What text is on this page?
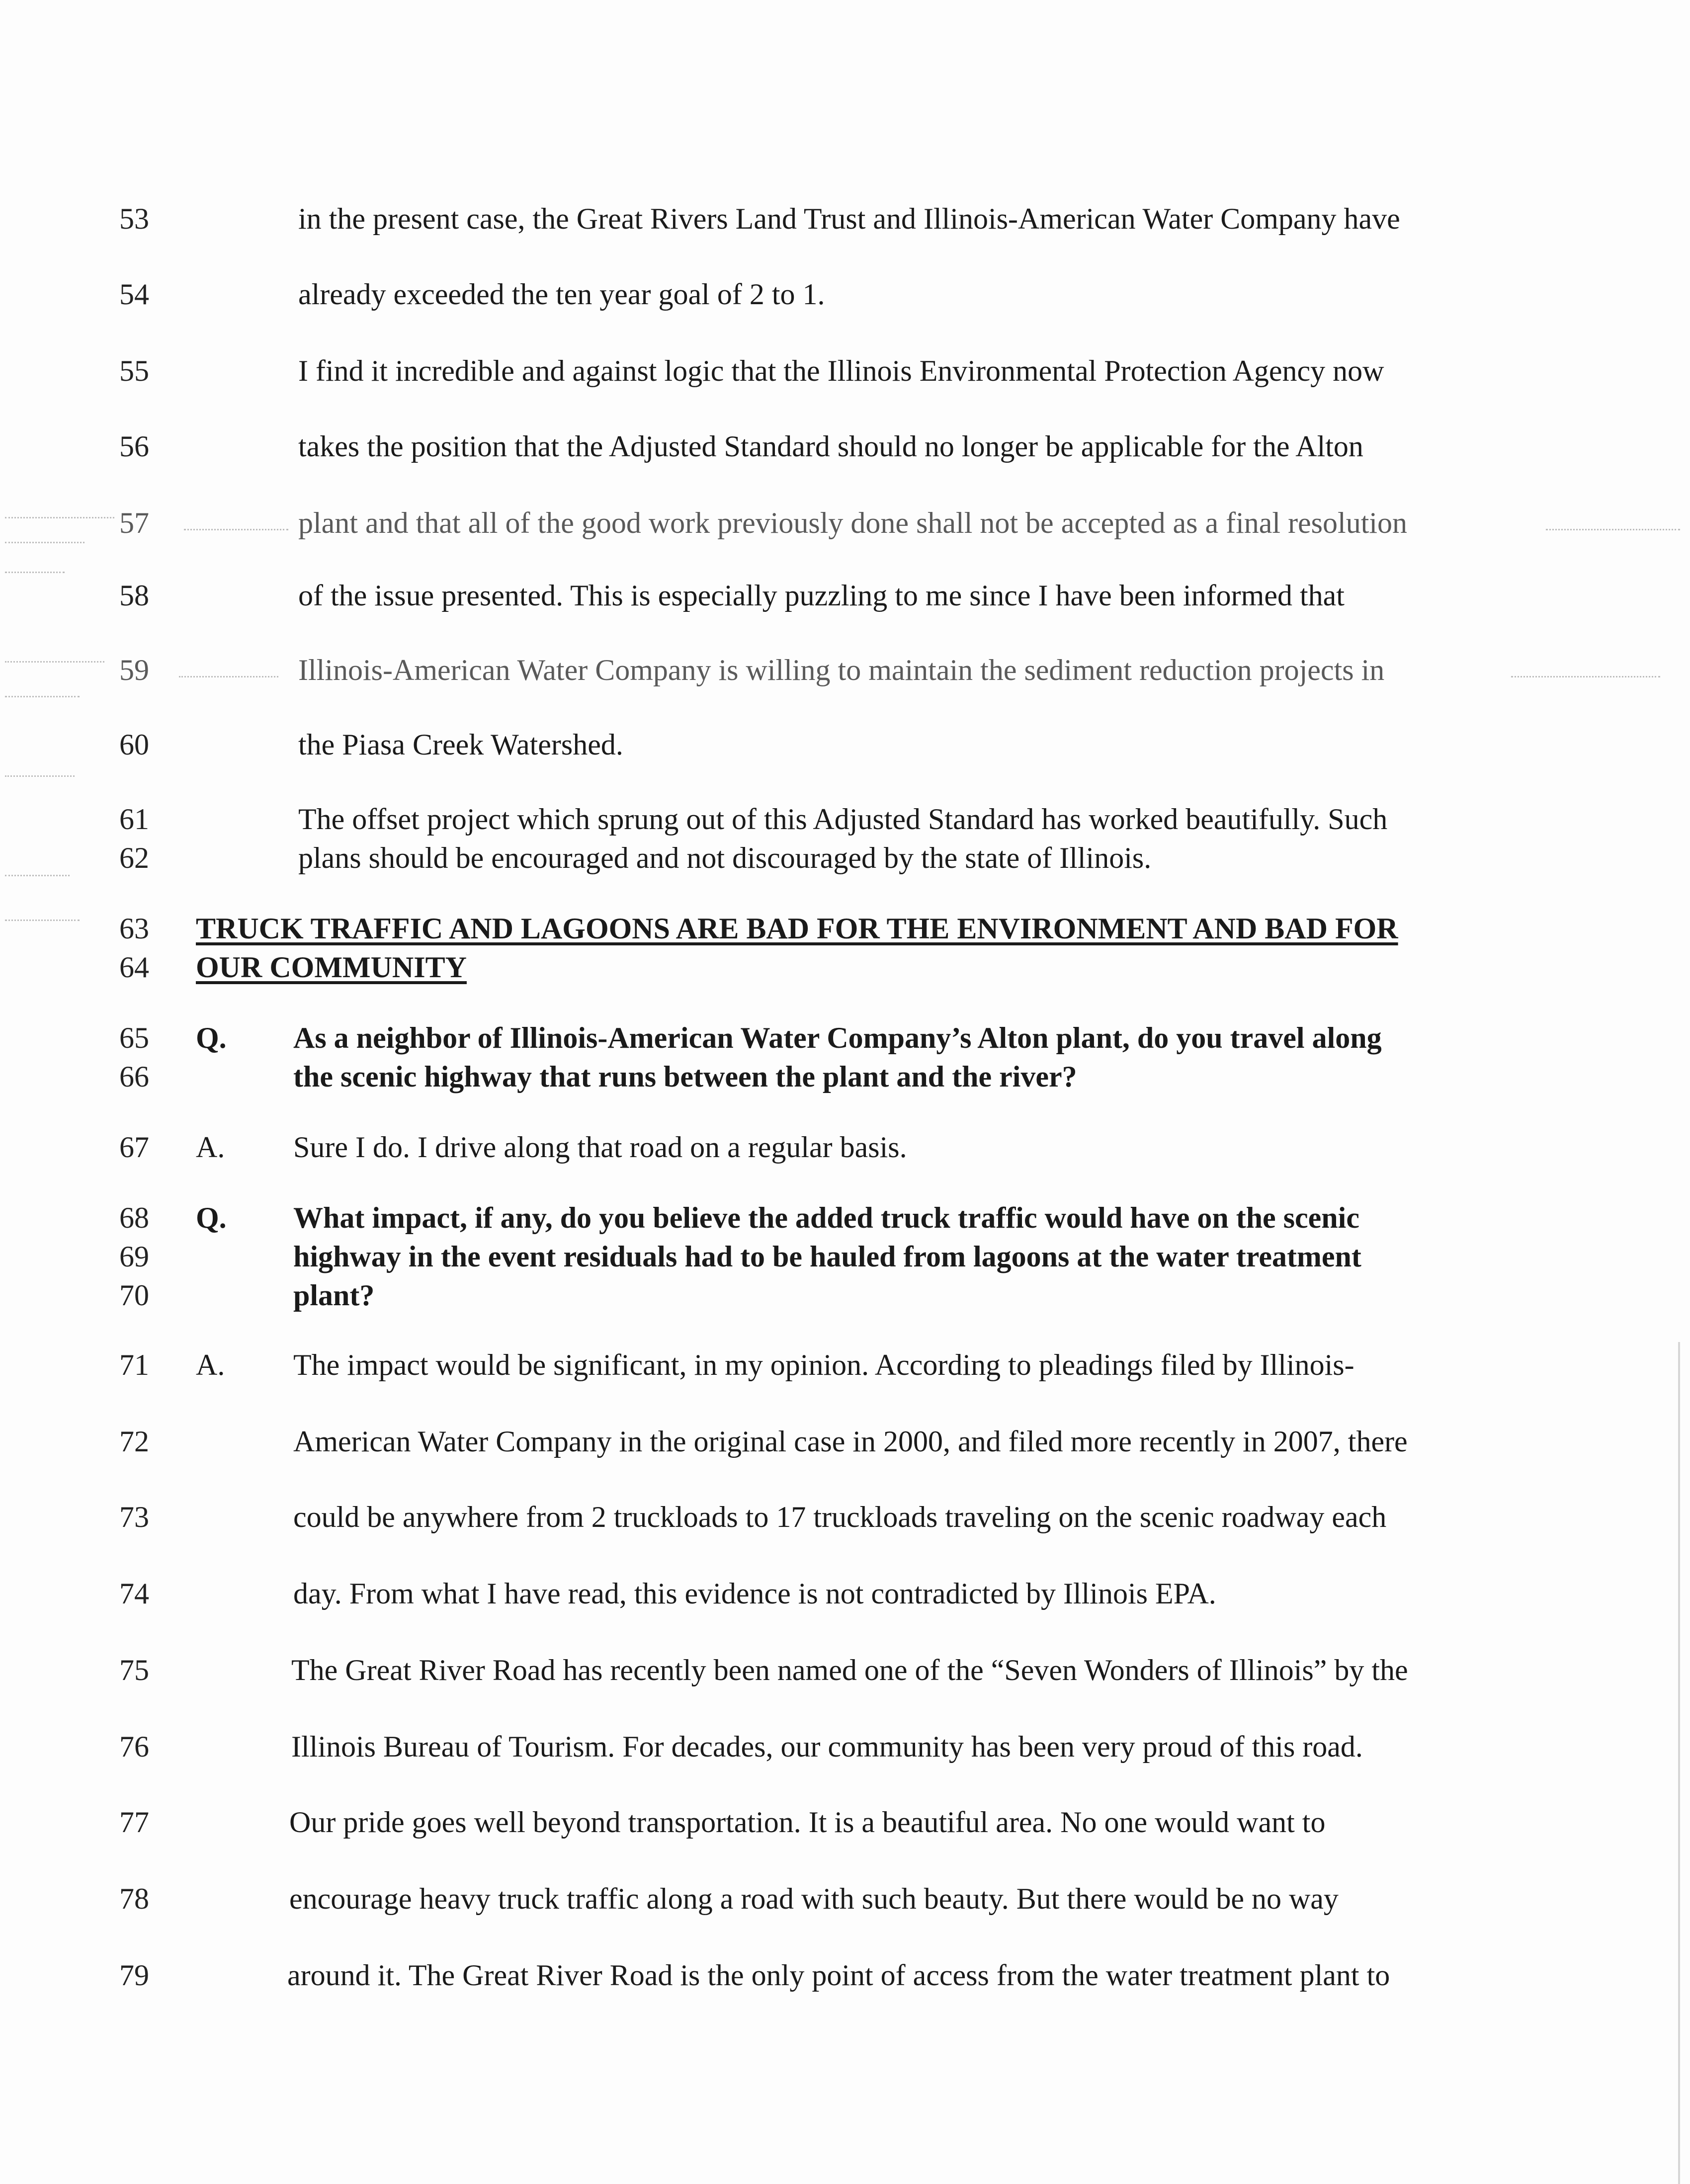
53	in the present case, the Great Rivers Land Trust and Illinois-American Water Company have
54	already exceeded the ten year goal of 2 to 1.
55	I find it incredible and against logic that the Illinois Environmental Protection Agency now
56	takes the position that the Adjusted Standard should no longer be applicable for the Alton
57	plant and that all of the good work previously done shall not be accepted as a final resolution
58	of the issue presented. This is especially puzzling to me since I have been informed that
59	Illinois-American Water Company is willing to maintain the sediment reduction projects in
60	the Piasa Creek Watershed.
61	The offset project which sprung out of this Adjusted Standard has worked beautifully. Such
62	plans should be encouraged and not discouraged by the state of Illinois.
63	TRUCK TRAFFIC AND LAGOONS ARE BAD FOR THE ENVIRONMENT AND BAD FOR
64	OUR COMMUNITY
65	Q. As a neighbor of Illinois-American Water Company’s Alton plant, do you travel along
66	the scenic highway that runs between the plant and the river?
67	A. Sure I do. I drive along that road on a regular basis.
68	Q. What impact, if any, do you believe the added truck traffic would have on the scenic
69	highway in the event residuals had to be hauled from lagoons at the water treatment
70	plant?
71	A. The impact would be significant, in my opinion. According to pleadings filed by Illinois-
72	American Water Company in the original case in 2000, and filed more recently in 2007, there
73	could be anywhere from 2 truckloads to 17 truckloads traveling on the scenic roadway each
74	day. From what I have read, this evidence is not contradicted by Illinois EPA.
75	The Great River Road has recently been named one of the “Seven Wonders of Illinois” by the
76	Illinois Bureau of Tourism. For decades, our community has been very proud of this road.
77	Our pride goes well beyond transportation. It is a beautiful area. No one would want to
78	encourage heavy truck traffic along a road with such beauty. But there would be no way
79	around it. The Great River Road is the only point of access from the water treatment plant to
